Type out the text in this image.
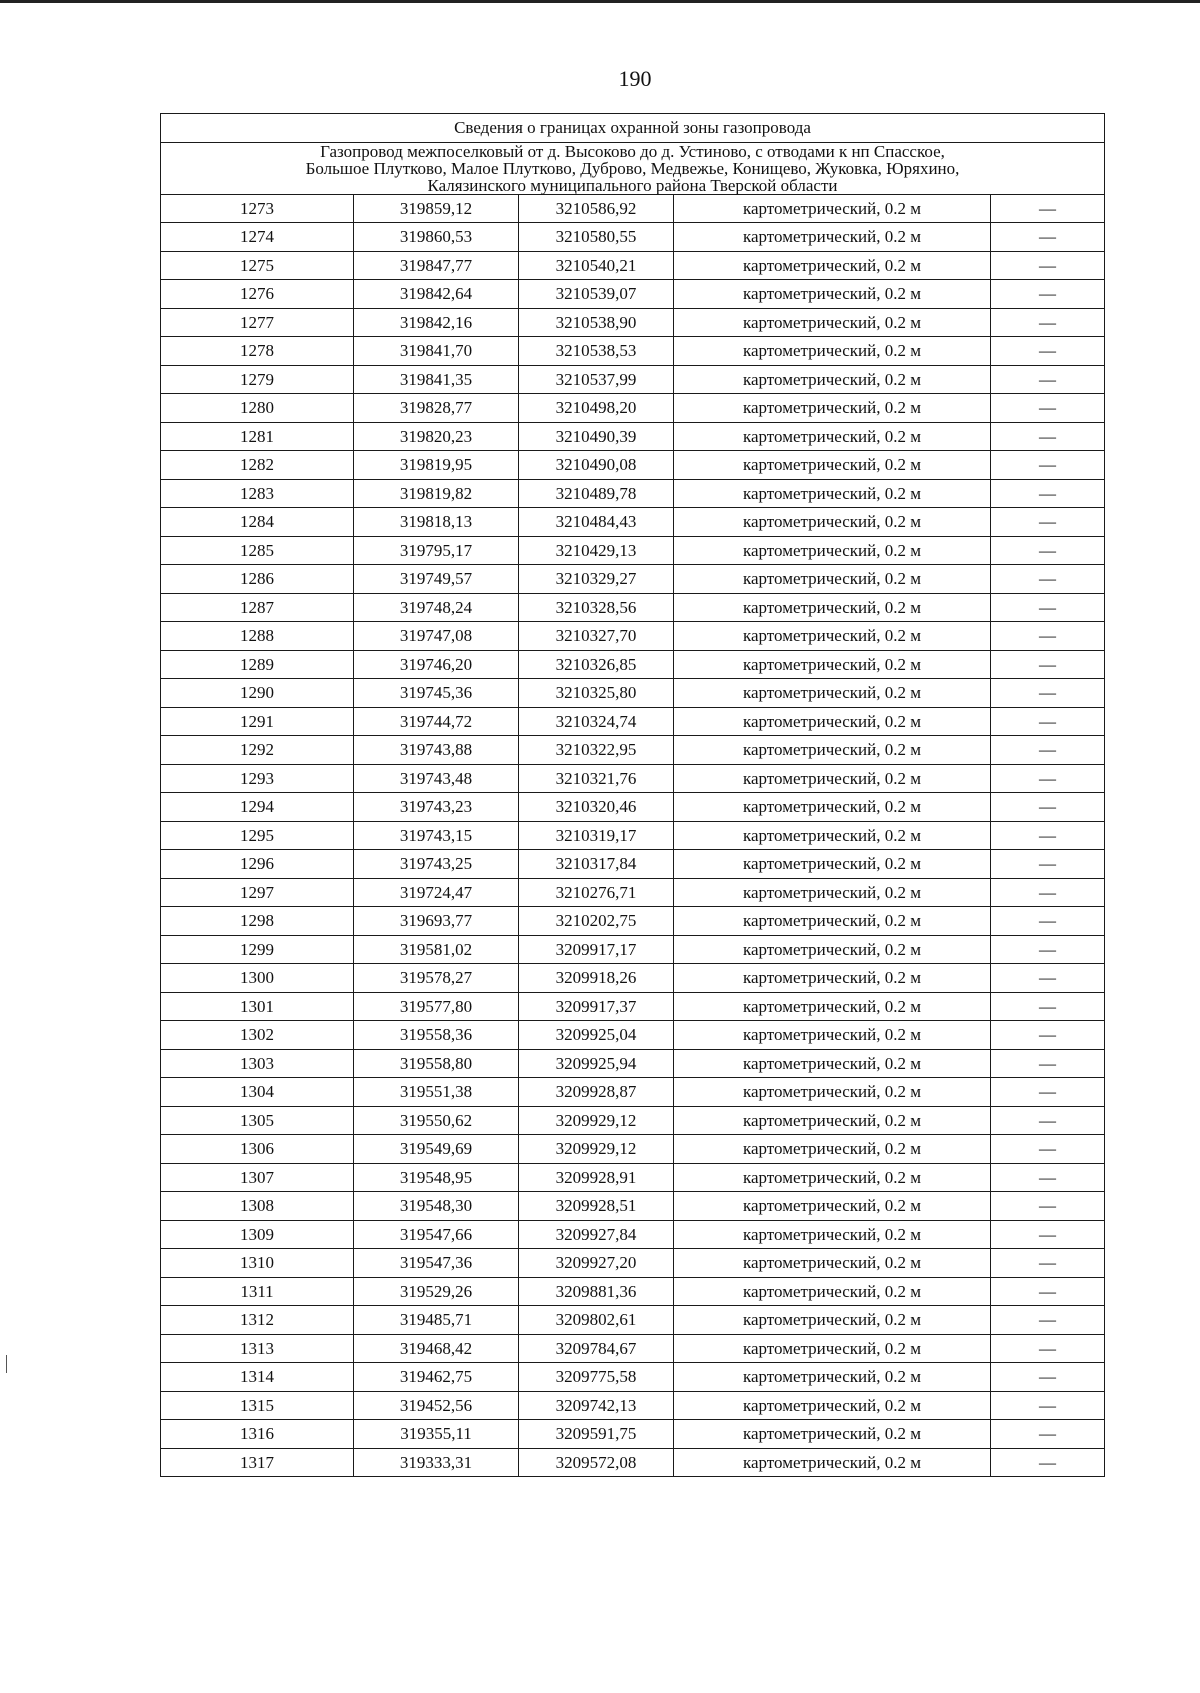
190
Сведения о границах охранной зоны газопровода				

Газопровод межпоселковый от д. Высоково до д. Устиново, с отводами к нп Спасское,
Большое Плутково, Малое Плутково, Дуброво, Медвежье, Конищево, Жуковка, Юряхино,
Калязинского муниципального района Тверской области				

1273	319859,12	3210586,92	картометрический, 0.2 м	—
1274	319860,53	3210580,55	картометрический, 0.2 м	—
1275	319847,77	3210540,21	картометрический, 0.2 м	—
1276	319842,64	3210539,07	картометрический, 0.2 м	—
1277	319842,16	3210538,90	картометрический, 0.2 м	—
1278	319841,70	3210538,53	картометрический, 0.2 м	—
1279	319841,35	3210537,99	картометрический, 0.2 м	—
1280	319828,77	3210498,20	картометрический, 0.2 м	—
1281	319820,23	3210490,39	картометрический, 0.2 м	—
1282	319819,95	3210490,08	картометрический, 0.2 м	—
1283	319819,82	3210489,78	картометрический, 0.2 м	—
1284	319818,13	3210484,43	картометрический, 0.2 м	—
1285	319795,17	3210429,13	картометрический, 0.2 м	—
1286	319749,57	3210329,27	картометрический, 0.2 м	—
1287	319748,24	3210328,56	картометрический, 0.2 м	—
1288	319747,08	3210327,70	картометрический, 0.2 м	—
1289	319746,20	3210326,85	картометрический, 0.2 м	—
1290	319745,36	3210325,80	картометрический, 0.2 м	—
1291	319744,72	3210324,74	картометрический, 0.2 м	—
1292	319743,88	3210322,95	картометрический, 0.2 м	—
1293	319743,48	3210321,76	картометрический, 0.2 м	—
1294	319743,23	3210320,46	картометрический, 0.2 м	—
1295	319743,15	3210319,17	картометрический, 0.2 м	—
1296	319743,25	3210317,84	картометрический, 0.2 м	—
1297	319724,47	3210276,71	картометрический, 0.2 м	—
1298	319693,77	3210202,75	картометрический, 0.2 м	—
1299	319581,02	3209917,17	картометрический, 0.2 м	—
1300	319578,27	3209918,26	картометрический, 0.2 м	—
1301	319577,80	3209917,37	картометрический, 0.2 м	—
1302	319558,36	3209925,04	картометрический, 0.2 м	—
1303	319558,80	3209925,94	картометрический, 0.2 м	—
1304	319551,38	3209928,87	картометрический, 0.2 м	—
1305	319550,62	3209929,12	картометрический, 0.2 м	—
1306	319549,69	3209929,12	картометрический, 0.2 м	—
1307	319548,95	3209928,91	картометрический, 0.2 м	—
1308	319548,30	3209928,51	картометрический, 0.2 м	—
1309	319547,66	3209927,84	картометрический, 0.2 м	—
1310	319547,36	3209927,20	картометрический, 0.2 м	—
1311	319529,26	3209881,36	картометрический, 0.2 м	—
1312	319485,71	3209802,61	картометрический, 0.2 м	—
1313	319468,42	3209784,67	картометрический, 0.2 м	—
1314	319462,75	3209775,58	картометрический, 0.2 м	—
1315	319452,56	3209742,13	картометрический, 0.2 м	—
1316	319355,11	3209591,75	картометрический, 0.2 м	—
1317	319333,31	3209572,08	картометрический, 0.2 м	—
